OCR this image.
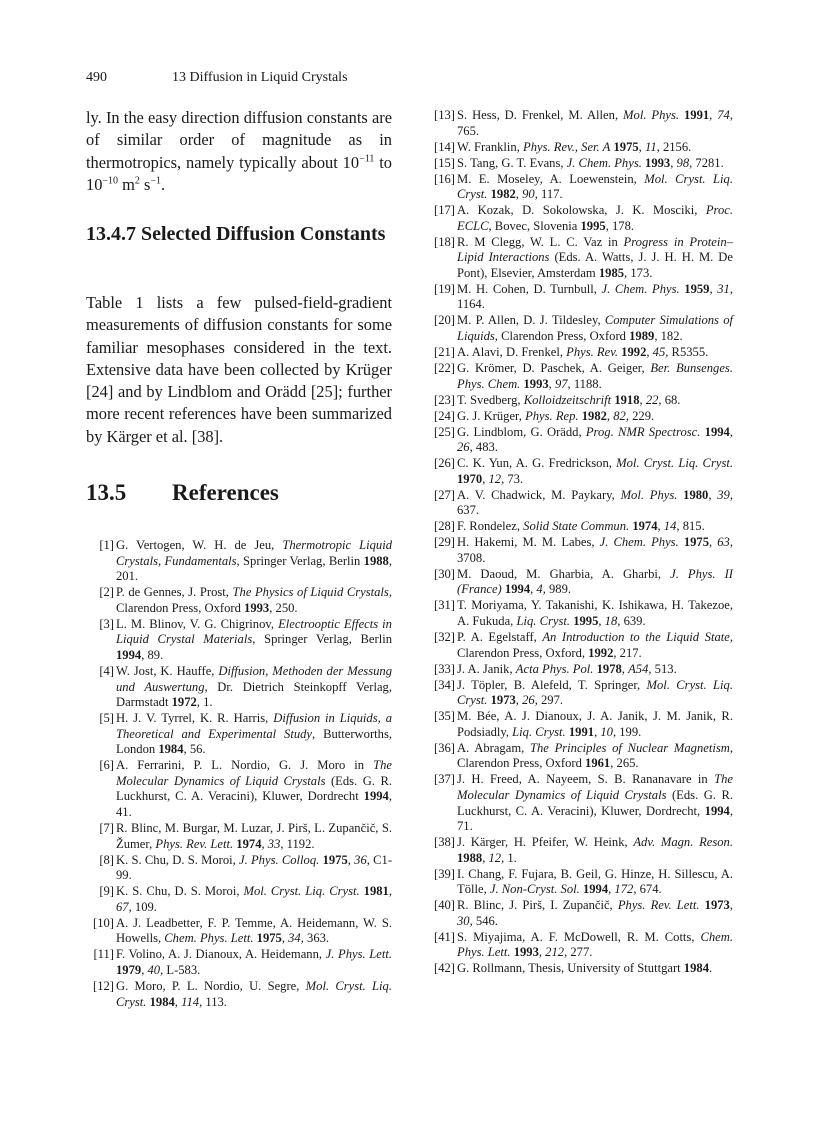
490	13 Diffusion in Liquid Crystals

ly. In the easy direction diffusion constants are of similar order of magnitude as in thermotropics, namely typically about $10^{-11}$ to $10^{-10}$ $m^2$ $s^{-1}$.

13.4.7 Selected Diffusion Constants

Table 1 lists a few pulsed-field-gradient measurements of diffusion constants for some familiar mesophases considered in the text. Extensive data have been collected by Krüger [24] and by Lindblom and Orädd [25]; further more recent references have been summarized by Kärger et al. [38].

13.5	References
[1] G. Vertogen, W. H. de Jeu, Thermotropic Liquid Crystals, Fundamentals, Springer Verlag, Berlin 1988, 201.
[2] P. de Gennes, J. Prost, The Physics of Liquid Crystals, Clarendon Press, Oxford 1993, 250.
[3] L. M. Blinov, V. G. Chigrinov, Electrooptic Effects in Liquid Crystal Materials, Springer Verlag, Berlin 1994, 89.
[4] W. Jost, K. Hauffe, Diffusion, Methoden der Messung und Auswertung, Dr. Dietrich Steinkopff Verlag, Darmstadt 1972, 1.
[5] H. J. V. Tyrrel, K. R. Harris, Diffusion in Liquids, a Theoretical and Experimental Study, Butterworths, London 1984, 56.
[6] A. Ferrarini, P. L. Nordio, G. J. Moro in The Molecular Dynamics of Liquid Crystals (Eds. G. R. Luckhurst, C. A. Veracini), Kluwer, Dordrecht 1994, 41.
[7] R. Blinc, M. Burgar, M. Luzar, J. Pirš, L. Zupančič, S. Žumer, Phys. Rev. Lett. 1974, 33, 1192.
[8] K. S. Chu, D. S. Moroi, J. Phys. Colloq. 1975, 36, C1-99.
[9] K. S. Chu, D. S. Moroi, Mol. Cryst. Liq. Cryst. 1981, 67, 109.
[10] A. J. Leadbetter, F. P. Temme, A. Heidemann, W. S. Howells, Chem. Phys. Lett. 1975, 34, 363.
[11] F. Volino, A. J. Dianoux, A. Heidemann, J. Phys. Lett. 1979, 40, L-583.
[12] G. Moro, P. L. Nordio, U. Segre, Mol. Cryst. Liq. Cryst. 1984, 114, 113.
[13] S. Hess, D. Frenkel, M. Allen, Mol. Phys. 1991, 74, 765.
[14] W. Franklin, Phys. Rev., Ser. A 1975, 11, 2156.
[15] S. Tang, G. T. Evans, J. Chem. Phys. 1993, 98, 7281.
[16] M. E. Moseley, A. Loewenstein, Mol. Cryst. Liq. Cryst. 1982, 90, 117.
[17] A. Kozak, D. Sokolowska, J. K. Mosciki, Proc. ECLC, Bovec, Slovenia 1995, 178.
[18] R. M Clegg, W. L. C. Vaz in Progress in Protein–Lipid Interactions (Eds. A. Watts, J. J. H. H. M. De Pont), Elsevier, Amsterdam 1985, 173.
[19] M. H. Cohen, D. Turnbull, J. Chem. Phys. 1959, 31, 1164.
[20] M. P. Allen, D. J. Tildesley, Computer Simulations of Liquids, Clarendon Press, Oxford 1989, 182.
[21] A. Alavi, D. Frenkel, Phys. Rev. 1992, 45, R5355.
[22] G. Krömer, D. Paschek, A. Geiger, Ber. Bunsenges. Phys. Chem. 1993, 97, 1188.
[23] T. Svedberg, Kolloidzeitschrift 1918, 22, 68.
[24] G. J. Krüger, Phys. Rep. 1982, 82, 229.
[25] G. Lindblom, G. Orädd, Prog. NMR Spectrosc. 1994, 26, 483.
[26] C. K. Yun, A. G. Fredrickson, Mol. Cryst. Liq. Cryst. 1970, 12, 73.
[27] A. V. Chadwick, M. Paykary, Mol. Phys. 1980, 39, 637.
[28] F. Rondelez, Solid State Commun. 1974, 14, 815.
[29] H. Hakemi, M. M. Labes, J. Chem. Phys. 1975, 63, 3708.
[30] M. Daoud, M. Gharbia, A. Gharbi, J. Phys. II (France) 1994, 4, 989.
[31] T. Moriyama, Y. Takanishi, K. Ishikawa, H. Takezoe, A. Fukuda, Liq. Cryst. 1995, 18, 639.
[32] P. A. Egelstaff, An Introduction to the Liquid State, Clarendon Press, Oxford, 1992, 217.
[33] J. A. Janik, Acta Phys. Pol. 1978, A54, 513.
[34] J. Töpler, B. Alefeld, T. Springer, Mol. Cryst. Liq. Cryst. 1973, 26, 297.
[35] M. Bée, A. J. Dianoux, J. A. Janik, J. M. Janik, R. Podsiadly, Liq. Cryst. 1991, 10, 199.
[36] A. Abragam, The Principles of Nuclear Magnetism, Clarendon Press, Oxford 1961, 265.
[37] J. H. Freed, A. Nayeem, S. B. Rananavare in The Molecular Dynamics of Liquid Crystals (Eds. G. R. Luckhurst, C. A. Veracini), Kluwer, Dordrecht, 1994, 71.
[38] J. Kärger, H. Pfeifer, W. Heink, Adv. Magn. Reson. 1988, 12, 1.
[39] I. Chang, F. Fujara, B. Geil, G. Hinze, H. Sillescu, A. Tölle, J. Non-Cryst. Sol. 1994, 172, 674.
[40] R. Blinc, J. Pirš, I. Zupančič, Phys. Rev. Lett. 1973, 30, 546.
[41] S. Miyajima, A. F. McDowell, R. M. Cotts, Chem. Phys. Lett. 1993, 212, 277.
[42] G. Rollmann, Thesis, University of Stuttgart 1984.
